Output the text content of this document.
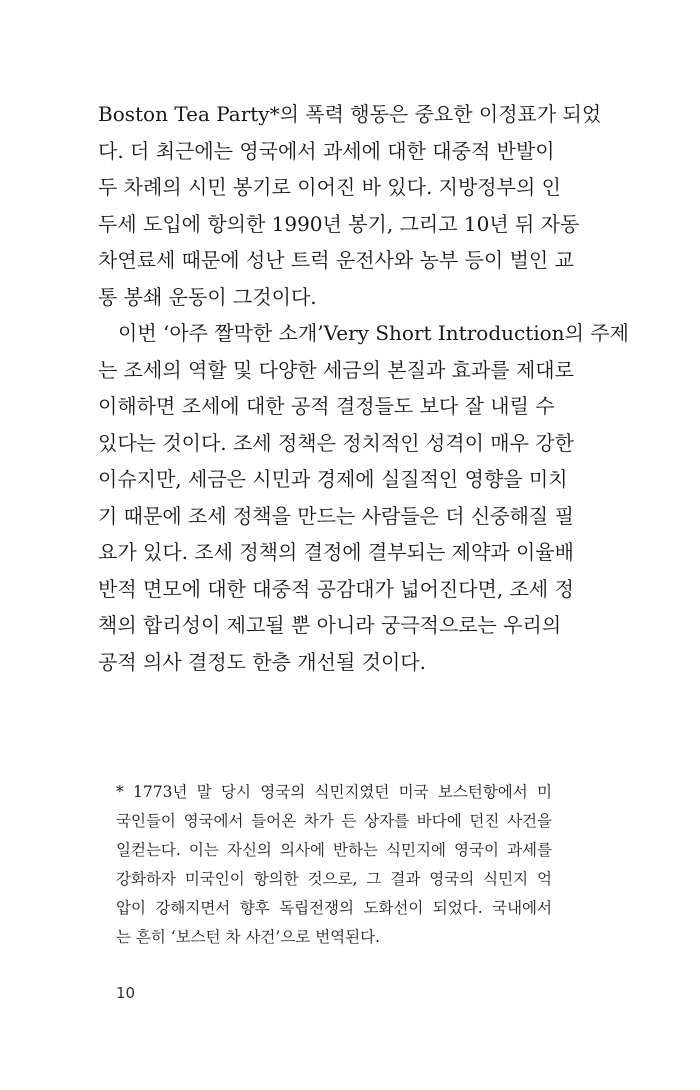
Boston Tea Party*의 폭력 행동은 중요한 이정표가 되었
다. 더 최근에는 영국에서 과세에 대한 대중적 반발이
두 차례의 시민 봉기로 이어진 바 있다. 지방정부의 인
두세 도입에 항의한 1990년 봉기, 그리고 10년 뒤 자동
차연료세 때문에 성난 트럭 운전사와 농부 등이 벌인 교
통 봉쇄 운동이 그것이다.
이번 ‘아주 짤막한 소개’Very Short Introduction의 주제
는 조세의 역할 및 다양한 세금의 본질과 효과를 제대로
이해하면 조세에 대한 공적 결정들도 보다 잘 내릴 수
있다는 것이다. 조세 정책은 정치적인 성격이 매우 강한
이슈지만, 세금은 시민과 경제에 실질적인 영향을 미치
기 때문에 조세 정책을 만드는 사람들은 더 신중해질 필
요가 있다. 조세 정책의 결정에 결부되는 제약과 이율배
반적 면모에 대한 대중적 공감대가 넓어진다면, 조세 정
책의 합리성이 제고될 뿐 아니라 궁극적으로는 우리의
공적 의사 결정도 한층 개선될 것이다.
* 1773년 말 당시 영국의 식민지였던 미국 보스턴항에서 미
국인들이 영국에서 들어온 차가 든 상자를 바다에 던진 사건을
일컫는다. 이는 자신의 의사에 반하는 식민지에 영국이 과세를
강화하자 미국인이 항의한 것으로, 그 결과 영국의 식민지 억
압이 강해지면서 향후 독립전쟁의 도화선이 되었다. 국내에서
는 흔히 ‘보스턴 차 사건’으로 번역된다.
10
